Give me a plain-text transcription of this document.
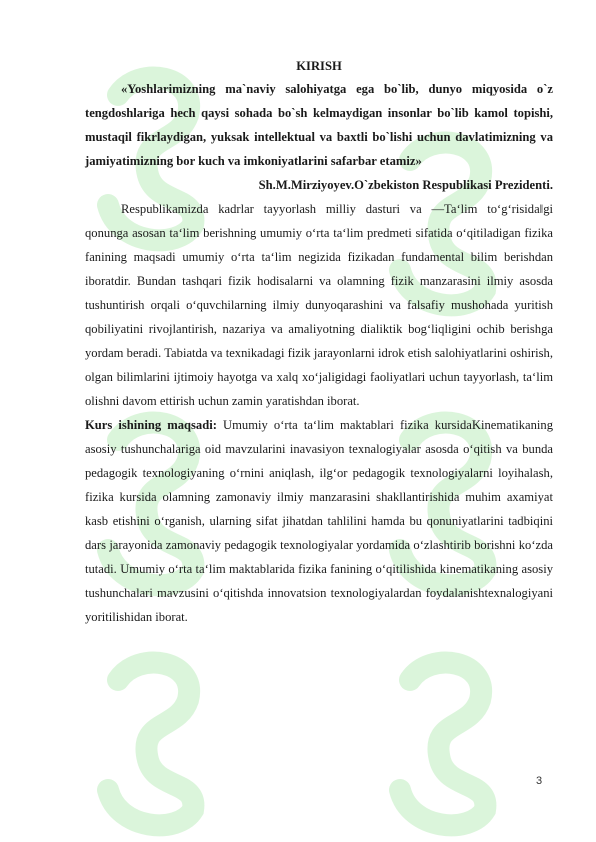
KIRISH

«Yoshlarimizning ma`naviy salohiyatga ega bo`lib, dunyo miqyosida o`z tengdoshlariga hech qaysi sohada bo`sh kelmaydigan insonlar bo`lib kamol topishi, mustaqil fikrlaydigan, yuksak intellektual va baxtli bo`lishi uchun davlatimizning va jamiyatimizning bor kuch va imkoniyatlarini safarbar etamiz»

Sh.M.Mirziyoyev.O`zbekiston Respublikasi Prezidenti.

Respublikamizda kadrlar tayyorlash milliy dasturi va —Ta‘lim to‘g‘risida‖gi qonunga asosan ta‘lim berishning umumiy o‘rta ta‘lim predmeti sifatida o‘qitiladigan fizika fanining maqsadi umumiy o‘rta ta‘lim negizida fizikadan fundamental bilim berishdan iboratdir. Bundan tashqari fizik hodisalarni va olamning fizik manzarasini ilmiy asosda tushuntirish orqali o‘quvchilarning ilmiy dunyoqarashini va falsafiy mushohada yuritish qobiliyatini rivojlantirish, nazariya va amaliyotning dialiktik bog‘liqligini ochib berishga yordam beradi. Tabiatda va texnikadagi fizik jarayonlarni idrok etish salohiyatlarini oshirish, olgan bilimlarini ijtimoiy hayotga va xalq xo‘jaligidagi faoliyatlari uchun tayyorlash, ta‘lim olishni davom ettirish uchun zamin yaratishdan iborat.

Kurs ishining maqsadi: Umumiy o‘rta ta‘lim maktablari fizika kursidaKinematikaning asosiy tushunchalariga oid mavzularini inavasiyon texnalogiyalar asosda o‘qitish va bunda pedagogik texnologiyaning o‘rnini aniqlash, ilg‘or pedagogik texnologiyalarni loyihalash, fizika kursida olamning zamonaviy ilmiy manzarasini shakllantirishida muhim axamiyat kasb etishini o‘rganish, ularning sifat jihatdan tahlilini hamda bu qonuniyatlarini tadbiqini dars jarayonida zamonaviy pedagogik texnologiyalar yordamida o‘zlashtirib borishni ko‘zda tutadi. Umumiy o‘rta ta‘lim maktablarida fizika fanining o‘qitilishida kinematikaning asosiy tushunchalari mavzusini o‘qitishda innovatsion texnologiyalardan foydalanishtexnalogiyani yoritilishidan iborat.

3
